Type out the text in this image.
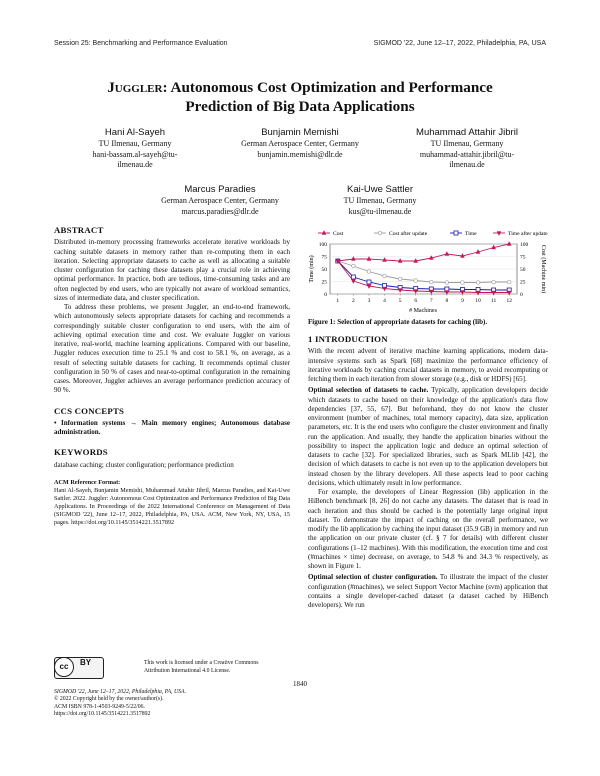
Session 25: Benchmarking and Performance Evaluation	SIGMOD '22, June 12–17, 2022, Philadelphia, PA, USA
Juggler: Autonomous Cost Optimization and Performance
Prediction of Big Data Applications
Hani Al-Sayeh
TU Ilmenau, Germany
hani-bassam.al-sayeh@tu-
ilmenau.de
Bunjamin Memishi
German Aerospace Center, Germany
bunjamin.memishi@dlr.de
Muhammad Attahir Jibril
TU Ilmenau, Germany
muhammad-attahir.jibril@tu-
ilmenau.de
Marcus Paradies
German Aerospace Center, Germany
marcus.paradies@dlr.de
Kai-Uwe Sattler
TU Ilmenau, Germany
kus@tu-ilmenau.de
ABSTRACT

Distributed in-memory processing frameworks accelerate iterative workloads by caching suitable datasets in memory rather than re-computing them in each iteration. Selecting appropriate datasets to cache as well as allocating a suitable cluster configuration for caching these datasets play a crucial role in achieving optimal performance. In practice, both are tedious, time-consuming tasks and are often neglected by end users, who are typically not aware of workload semantics, sizes of intermediate data, and cluster specification.

To address these problems, we present Juggler, an end-to-end framework, which autonomously selects appropriate datasets for caching and recommends a correspondingly suitable cluster configuration to end users, with the aim of achieving optimal execution time and cost. We evaluate Juggler on various iterative, real-world, machine learning applications. Compared with our baseline, Juggler reduces execution time to 25.1 % and cost to 58.1 %, on average, as a result of selecting suitable datasets for caching. It recommends optimal cluster configuration in 50 % of cases and near-to-optimal configuration in the remaining cases. Moreover, Juggler achieves an average performance prediction accuracy of 90 %.

CCS CONCEPTS

• Information systems → Main memory engines; Autonomous database administration.

KEYWORDS

database caching; cluster configuration; performance prediction

ACM Reference Format:

Hani Al-Sayeh, Bunjamin Memishi, Muhammad Attahir Jibril, Marcus Paradies, and Kai-Uwe Sattler. 2022. Juggler: Autonomous Cost Optimization and Performance Prediction of Big Data Applications. In Proceedings of the 2022 International Conference on Management of Data (SIGMOD '22), June 12–17, 2022, Philadelphia, PA, USA. ACM, New York, NY, USA, 15 pages. https://doi.org/10.1145/3514221.3517892

cc	BY	This work is licensed under a Creative Commons
Attribution International 4.0 License.
SIGMOD '22, June 12–17, 2022, Philadelphia, PA, USA.
© 2022 Copyright held by the owner/author(s).
ACM ISBN 978-1-4503-9249-5/22/06.
https://doi.org/10.1145/3514221.3517892
Cost	Cost after update	Time	Time after update
0
25
50
75
100
0
25
50
75
100
1 2 3 4 5 6 7 8 9 10 11 12
# Machines
Time (min)	Cost (Machine min)
Figure 1: Selection of appropriate datasets for caching (lib).
1 INTRODUCTION

With the recent advent of iterative machine learning applications, modern data-intensive systems such as Spark [68] maximize the performance efficiency of iterative workloads by caching crucial datasets in memory, to avoid recomputing or fetching them in each iteration from slower storage (e.g., disk or HDFS) [65].

Optimal selection of datasets to cache. Typically, application developers decide which datasets to cache based on their knowledge of the application's data flow dependencies [37, 55, 67]. But beforehand, they do not know the cluster environment (number of machines, total memory capacity), data size, application parameters, etc. It is the end users who configure the cluster environment and finally run the application. And usually, they handle the application binaries without the possibility to inspect the application logic and deduce an optimal selection of datasets to cache [32]. For specialized libraries, such as Spark MLlib [42], the decision of which datasets to cache is not even up to the application developers but instead chosen by the library developers. All these aspects lead to poor caching decisions, which ultimately result in low performance.

For example, the developers of Linear Regression (lib) application in the HiBench benchmark [8, 26] do not cache any datasets. The dataset that is read in each iteration and thus should be cached is the potentially large original input dataset. To demonstrate the impact of caching on the overall performance, we modify the lib application by caching the input dataset (35.9 GB) in memory and run the application on our private cluster (cf. § 7 for details) with different cluster configurations (1–12 machines). With this modification, the execution time and cost (#machines × time) decrease, on average, to 54.8 % and 34.3 % respectively, as shown in Figure 1.

Optimal selection of cluster configuration. To illustrate the impact of the cluster configuration (#machines), we select Support Vector Machine (svm) application that contains a single developer-cached dataset (a dataset cached by HiBench developers). We run

1840
